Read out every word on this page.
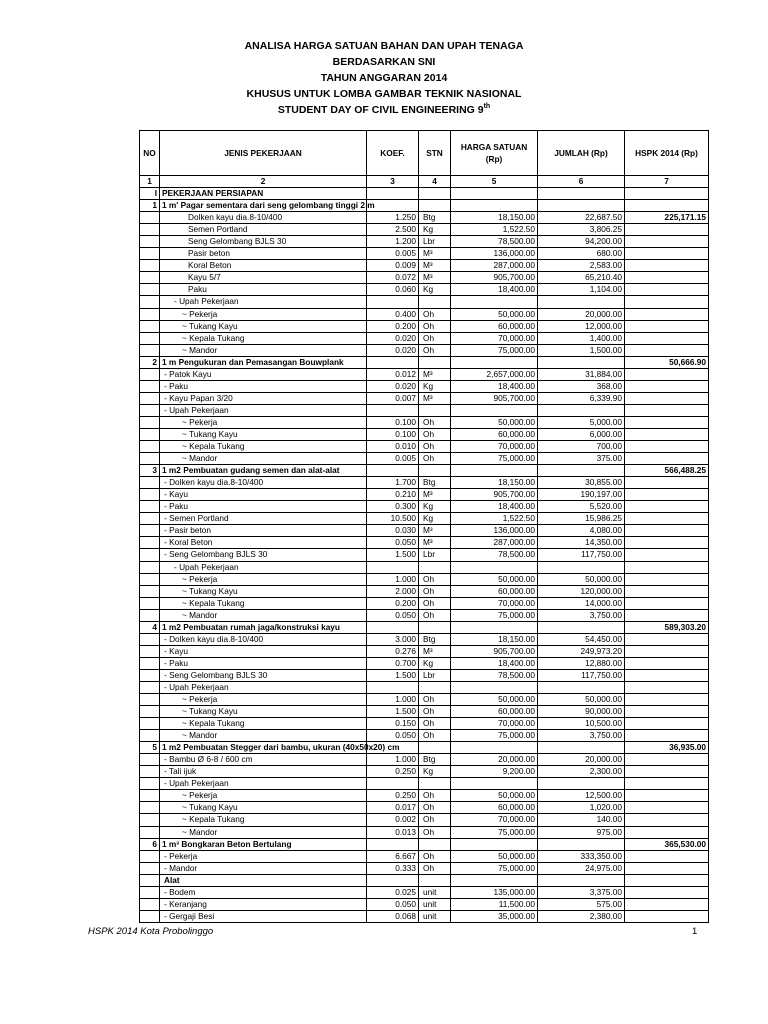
ANALISA HARGA SATUAN BAHAN DAN UPAH TENAGA
BERDASARKAN SNI
TAHUN ANGGARAN 2014
KHUSUS UNTUK LOMBA GAMBAR TEKNIK NASIONAL
STUDENT DAY OF CIVIL ENGINEERING 9th
NO	JENIS PEKERJAAN	KOEF.	STN	HARGA SATUAN (Rp)	JUMLAH (Rp)	HSPK 2014 (Rp)
1	2	3	4	5	6	7
I	PEKERJAAN PERSIAPAN					
1	1 m' Pagar sementara dari seng gelombang tinggi 2 m					
	Dolken kayu dia.8-10/400	1.250	Btg	18,150.00	22,687.50	225,171.15
	Semen Portland	2.500	Kg	1,522.50	3,806.25	
	Seng Gelombang BJLS 30	1.200	Lbr	78,500.00	94,200.00	
	Pasir beton	0.005	M³	136,000.00	680.00	
	Koral Beton	0.009	M³	287,000.00	2,583.00	
	Kayu 5/7	0.072	M³	905,700.00	65,210.40	
	Paku	0.060	Kg	18,400.00	1,104.00	
	- Upah Pekerjaan					
	~ Pekerja	0.400	Oh	50,000.00	20,000.00	
	~ Tukang Kayu	0.200	Oh	60,000.00	12,000.00	
	~ Kepala Tukang	0.020	Oh	70,000.00	1,400.00	
	~ Mandor	0.020	Oh	75,000.00	1,500.00	
2	1 m Pengukuran dan Pemasangan Bouwplank					50,666.90
	- Patok Kayu	0.012	M³	2,657,000.00	31,884.00	
	- Paku	0.020	Kg	18,400.00	368.00	
	- Kayu Papan 3/20	0.007	M³	905,700.00	6,339.90	
	- Upah Pekerjaan					
	~ Pekerja	0.100	Oh	50,000.00	5,000.00	
	~ Tukang Kayu	0.100	Oh	60,000.00	6,000.00	
	~ Kepala Tukang	0.010	Oh	70,000.00	700.00	
	~ Mandor	0.005	Oh	75,000.00	375.00	
3	1 m2 Pembuatan gudang semen dan alat-alat					566,488.25
	- Dolken kayu dia.8-10/400	1.700	Btg	18,150.00	30,855.00	
	- Kayu	0.210	M³	905,700.00	190,197.00	
	- Paku	0.300	Kg	18,400.00	5,520.00	
	- Semen Portland	10.500	Kg	1,522.50	15,986.25	
	- Pasir beton	0.030	M³	136,000.00	4,080.00	
	- Koral Beton	0.050	M³	287,000.00	14,350.00	
	- Seng Gelombang BJLS 30	1.500	Lbr	78,500.00	117,750.00	
	- Upah Pekerjaan					
	~ Pekerja	1.000	Oh	50,000.00	50,000.00	
	~ Tukang Kayu	2.000	Oh	60,000.00	120,000.00	
	~ Kepala Tukang	0.200	Oh	70,000.00	14,000.00	
	~ Mandor	0.050	Oh	75,000.00	3,750.00	
4	1 m2 Pembuatan rumah jaga/konstruksi kayu					589,303.20
	- Dolken kayu dia.8-10/400	3.000	Btg	18,150.00	54,450.00	
	- Kayu	0.276	M³	905,700.00	249,973.20	
	- Paku	0.700	Kg	18,400.00	12,880.00	
	- Seng Gelombang BJLS 30	1.500	Lbr	78,500.00	117,750.00	
	- Upah Pekerjaan					
	~ Pekerja	1.000	Oh	50,000.00	50,000.00	
	~ Tukang Kayu	1.500	Oh	60,000.00	90,000.00	
	~ Kepala Tukang	0.150	Oh	70,000.00	10,500.00	
	~ Mandor	0.050	Oh	75,000.00	3,750.00	
5	1 m2 Pembuatan Stegger dari bambu, ukuran (40x50x20) cm					36,935.00
	- Bambu Ø 6-8 / 600 cm	1.000	Btg	20,000.00	20,000.00	
	- Tali ijuk	0.250	Kg	9,200.00	2,300.00	
	- Upah Pekerjaan					
	~ Pekerja	0.250	Oh	50,000.00	12,500.00	
	~ Tukang Kayu	0.017	Oh	60,000.00	1,020.00	
	~ Kepala Tukang	0.002	Oh	70,000.00	140.00	
	~ Mandor	0.013	Oh	75,000.00	975.00	
6	1 m³ Bongkaran Beton Bertulang					365,530.00
	- Pekerja	6.667	Oh	50,000.00	333,350.00	
	- Mandor	0.333	Oh	75,000.00	24,975.00	
	Alat					
	- Bodem	0.025	unit	135,000.00	3,375.00	
	- Keranjang	0.050	unit	11,500.00	575.00	
	- Gergaji Besi	0.068	unit	35,000.00	2,380.00	
HSPK 2014 Kota Probolinggo	1
